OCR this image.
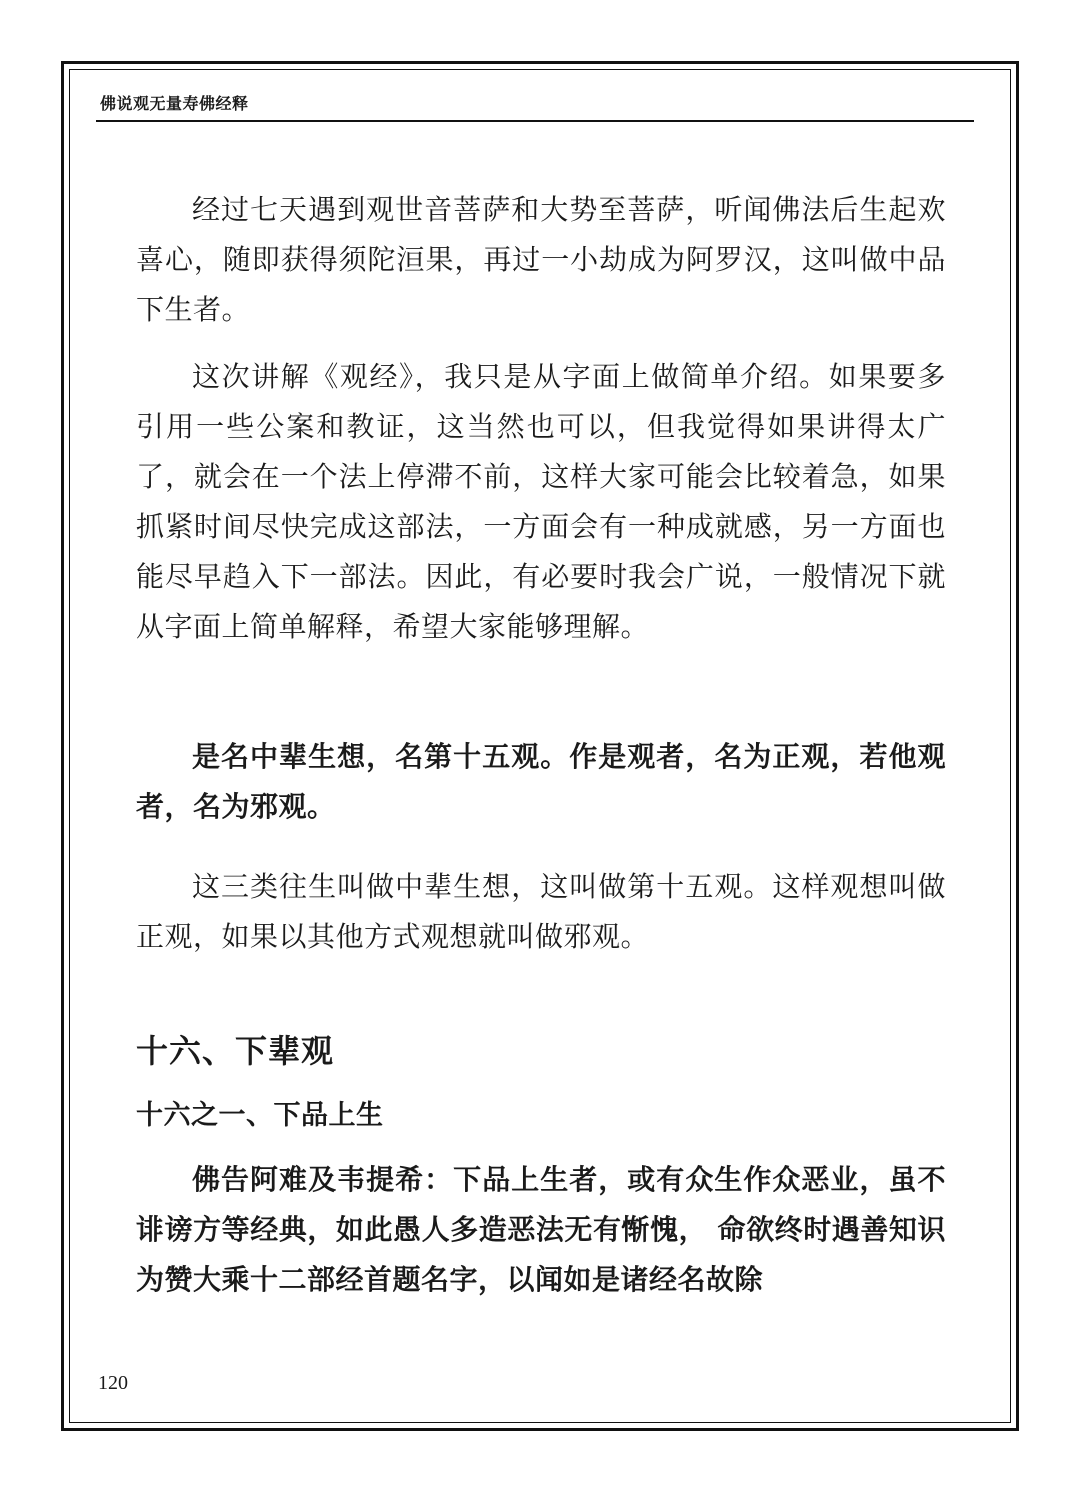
佛说观无量寿佛经释

经过七天遇到观世音菩萨和大势至菩萨，听闻佛法后生起欢喜心，随即获得须陀洹果，再过一小劫成为阿罗汉，这叫做中品下生者。

这次讲解《观经》，我只是从字面上做简单介绍。如果要多引用一些公案和教证，这当然也可以，但我觉得如果讲得太广了，就会在一个法上停滞不前，这样大家可能会比较着急，如果抓紧时间尽快完成这部法，一方面会有一种成就感，另一方面也能尽早趋入下一部法。因此，有必要时我会广说，一般情况下就从字面上简单解释，希望大家能够理解。

是名中辈生想，名第十五观。作是观者，名为正观，若他观者，名为邪观。

这三类往生叫做中辈生想，这叫做第十五观。这样观想叫做正观，如果以其他方式观想就叫做邪观。

十六、下辈观
十六之一、下品上生

佛告阿难及韦提希：下品上生者，或有众生作众恶业，虽不诽谤方等经典，如此愚人多造恶法无有惭愧， 命欲终时遇善知识为赞大乘十二部经首题名字，以闻如是诸经名故除

120
